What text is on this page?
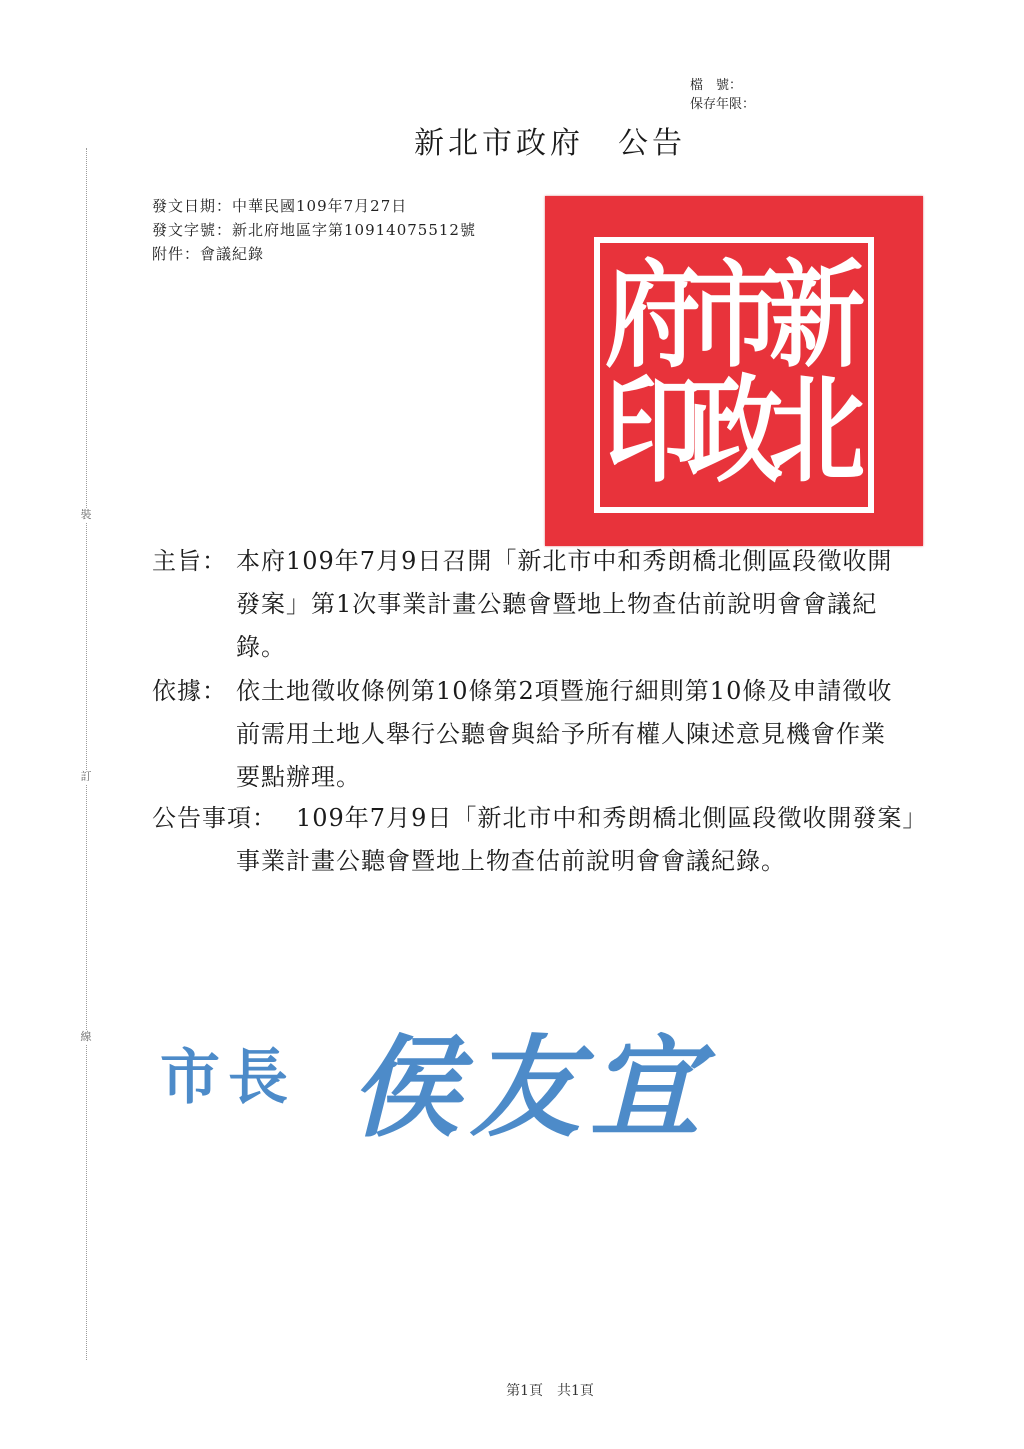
檔　號：
保存年限：
新北市政府　公告
發文日期：中華民國109年7月27日
發文字號：新北府地區字第10914075512號
附件：會議紀錄
裝
訂
線
新
北
市
政
府
印
主旨： 本府109年7月9日召開「新北市中和秀朗橋北側區段徵收開
發案」第1次事業計畫公聽會暨地上物查估前說明會會議紀
錄。
依據： 依土地徵收條例第10條第2項暨施行細則第10條及申請徵收
前需用土地人舉行公聽會與給予所有權人陳述意見機會作業
要點辦理。
公告事項： 109年7月9日「新北市中和秀朗橋北側區段徵收開發案」
事業計畫公聽會暨地上物查估前說明會會議紀錄。
市長 侯友宜
第1頁　共1頁
